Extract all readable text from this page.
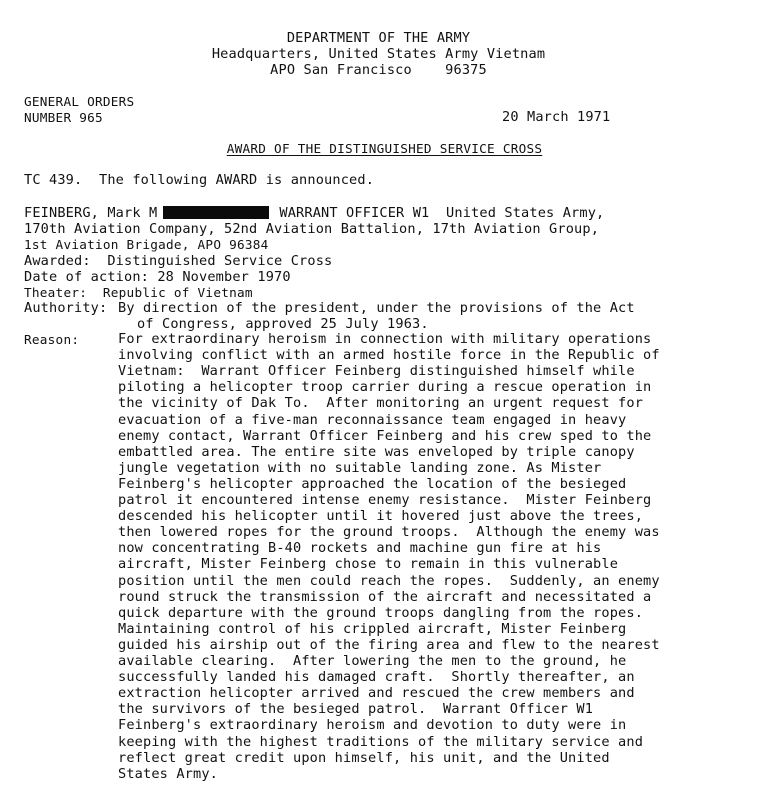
DEPARTMENT OF THE ARMY
Headquarters, United States Army Vietnam
APO San Francisco    96375
GENERAL ORDERS
NUMBER 965	20 March 1971
AWARD OF THE DISTINGUISHED SERVICE CROSS
TC 439.  The following AWARD is announced.
FEINBERG, Mark M	WARRANT OFFICER W1  United States Army,
170th Aviation Company, 52nd Aviation Battalion, 17th Aviation Group,
1st Aviation Brigade, APO 96384
Awarded:  Distinguished Service Cross
Date of action: 28 November 1970
Theater:  Republic of Vietnam
Authority: By direction of the president, under the provisions of the Act
of Congress, approved 25 July 1963.
Reason:	For extraordinary heroism in connection with military operations
involving conflict with an armed hostile force in the Republic of
Vietnam:  Warrant Officer Feinberg distinguished himself while
piloting a helicopter troop carrier during a rescue operation in
the vicinity of Dak To.  After monitoring an urgent request for
evacuation of a five-man reconnaissance team engaged in heavy
enemy contact, Warrant Officer Feinberg and his crew sped to the
embattled area. The entire site was enveloped by triple canopy
jungle vegetation with no suitable landing zone. As Mister
Feinberg's helicopter approached the location of the besieged
patrol it encountered intense enemy resistance.  Mister Feinberg
descended his helicopter until it hovered just above the trees,
then lowered ropes for the ground troops.  Although the enemy was
now concentrating B-40 rockets and machine gun fire at his
aircraft, Mister Feinberg chose to remain in this vulnerable
position until the men could reach the ropes.  Suddenly, an enemy
round struck the transmission of the aircraft and necessitated a
quick departure with the ground troops dangling from the ropes.
Maintaining control of his crippled aircraft, Mister Feinberg
guided his airship out of the firing area and flew to the nearest
available clearing.  After lowering the men to the ground, he
successfully landed his damaged craft.  Shortly thereafter, an
extraction helicopter arrived and rescued the crew members and
the survivors of the besieged patrol.  Warrant Officer W1
Feinberg's extraordinary heroism and devotion to duty were in
keeping with the highest traditions of the military service and
reflect great credit upon himself, his unit, and the United
States Army.
